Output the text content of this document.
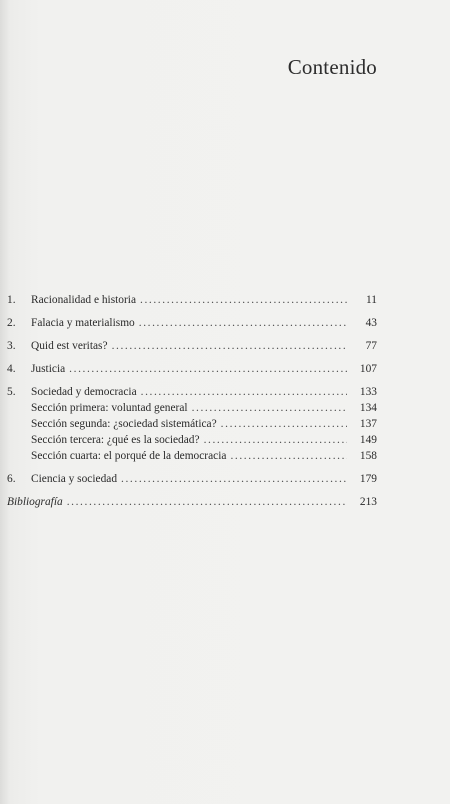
Contenido
1.	Racionalidad e historia .....	11
2.	Falacia y materialismo .....	43
3.	Quid est veritas? .....	77
4.	Justicia .....	107
5.	Sociedad y democracia .....	133
Sección primera: voluntad general .....	134
Sección segunda: ¿sociedad sistemática? .....	137
Sección tercera: ¿qué es la sociedad? .....	149
Sección cuarta: el porqué de la democracia .....	158
6.	Ciencia y sociedad .....	179
Bibliografía .....	213
